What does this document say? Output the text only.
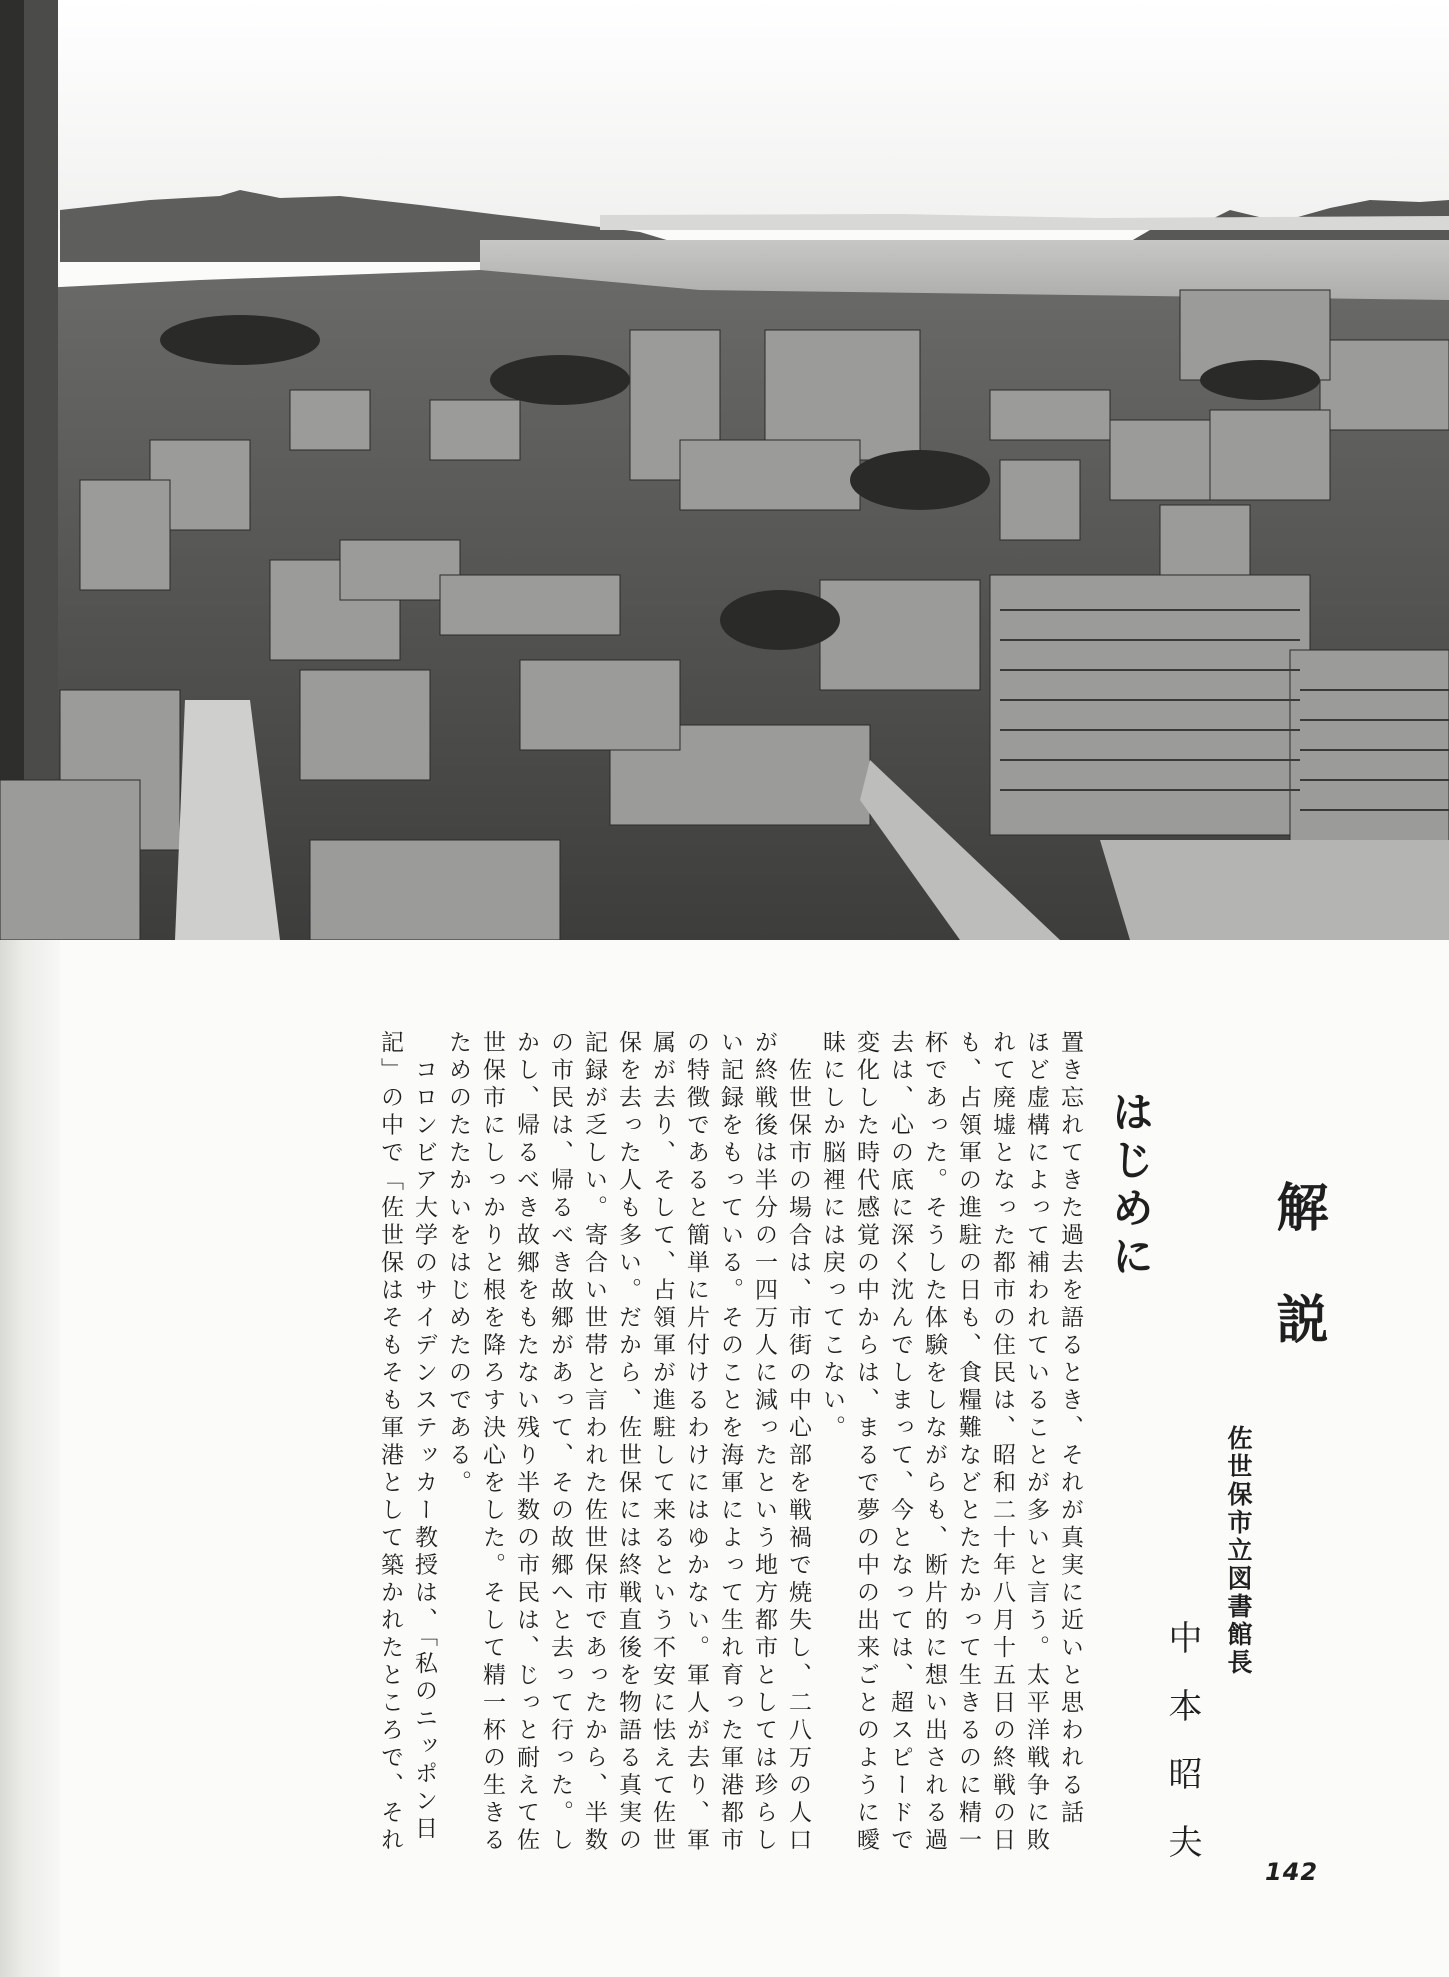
解説
佐世保市立図書館長
中本昭夫
はじめに
置き忘れてきた過去を語るとき、それが真実に近いと思われる話
ほど虚構によって補われていることが多いと言う。太平洋戦争に敗
れて廃墟となった都市の住民は、昭和二十年八月十五日の終戦の日
も、占領軍の進駐の日も、食糧難などとたたかって生きるのに精一
杯であった。そうした体験をしながらも、断片的に想い出される過
去は、心の底に深く沈んでしまって、今となっては、超スピードで
変化した時代感覚の中からは、まるで夢の中の出来ごとのように曖
昧にしか脳裡には戻ってこない。
　佐世保市の場合は、市街の中心部を戦禍で焼失し、二八万の人口
が終戦後は半分の一四万人に減ったという地方都市としては珍らし
い記録をもっている。そのことを海軍によって生れ育った軍港都市
の特徴であると簡単に片付けるわけにはゆかない。軍人が去り、軍
属が去り、そして、占領軍が進駐して来るという不安に怯えて佐世
保を去った人も多い。だから、佐世保には終戦直後を物語る真実の
記録が乏しい。寄合い世帯と言われた佐世保市であったから、半数
の市民は、帰るべき故郷があって、その故郷へと去って行った。し
かし、帰るべき故郷をもたない残り半数の市民は、じっと耐えて佐
世保市にしっかりと根を降ろす決心をした。そして精一杯の生きる
ためのたたかいをはじめたのである。
　コロンビア大学のサイデンステッカー教授は、「私のニッポン日
記」の中で「佐世保はそもそも軍港として築かれたところで、それ
142
